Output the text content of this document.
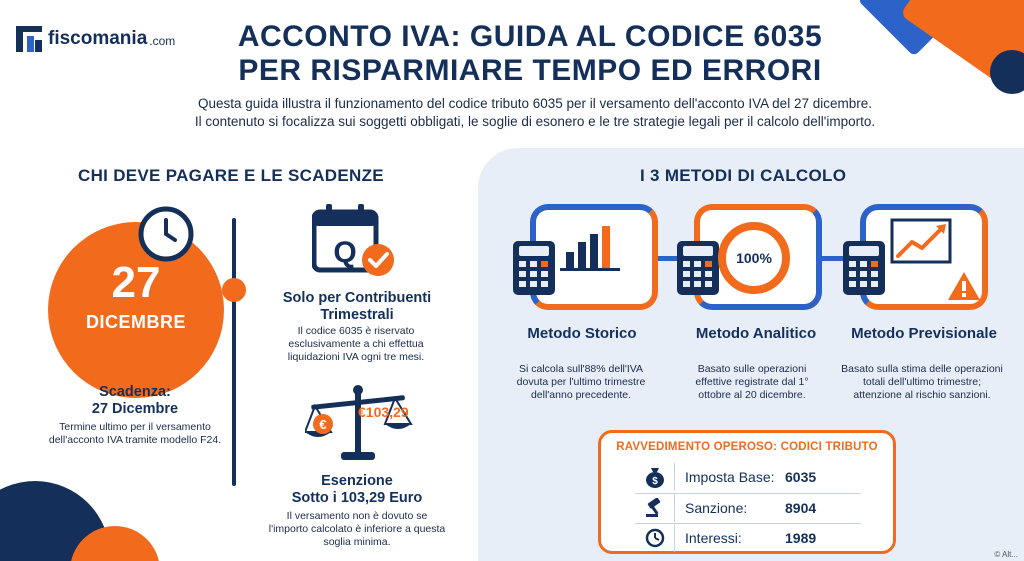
fiscomania .com	ACCONTO IVA: GUIDA AL CODICE 6035
PER RISPARMIARE TEMPO ED ERRORI
Questa guida illustra il funzionamento del codice tributo 6035 per il versamento dell'acconto IVA del 27 dicembre.
Il contenuto si focalizza sui soggetti obbligati, le soglie di esonero e le tre strategie legali per il calcolo dell'importo.
CHI DEVE PAGARE E LE SCADENZE	I 3 METODI DI CALCOLO
27
DICEMBRE
Scadenza:
27 Dicembre
Termine ultimo per il versamento dell'acconto IVA tramite modello F24.
Q
Solo per Contribuenti
Trimestrali
Il codice 6035 è riservato esclusivamente a chi effettua liquidazioni IVA ogni tre mesi.
€
€103,29
Esenzione
Sotto i 103,29 Euro
Il versamento non è dovuto se l'importo calcolato è inferiore a questa soglia minima.
100%
Metodo Storico	Metodo Analitico	Metodo Previsionale
Si calcola sull'88% dell'IVA dovuta per l'ultimo trimestre dell'anno precedente.
Basato sulle operazioni effettive registrate dal 1° ottobre al 20 dicembre.
Basato sulla stima delle operazioni totali dell'ultimo trimestre; attenzione al rischio sanzioni.
RAVVEDIMENTO OPEROSO: CODICI TRIBUTO
$	Imposta Base: 6035
Sanzione:	8904
Interessi:	1989
© Alt...
